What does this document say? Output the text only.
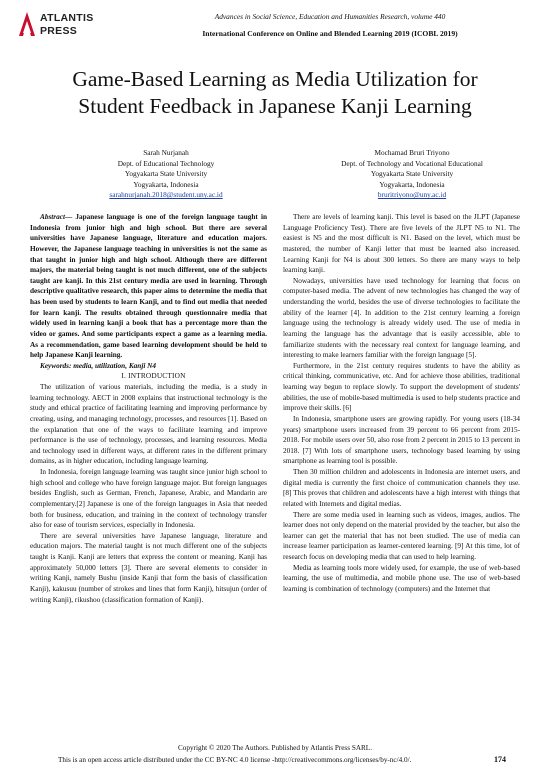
ATLANTIS
PRESS
Advances in Social Science, Education and Humanities Research, volume 440
International Conference on Online and Blended Learning 2019 (ICOBL 2019)
Game-Based Learning as Media Utilization for
Student Feedback in Japanese Kanji Learning
Sarah Nurjanah
Dept. of Educational Technology
Yogyakarta State University
Yogyakarta, Indonesia
sarahnurjanah.2018@student.uny.ac.id
Mochamad Bruri Triyono
Dept. of Technology and Vocational Educational
Yogyakarta State University
Yogyakarta, Indonesia
bruritriyono@uny.ac.id

Abstract— Japanese language is one of the foreign language taught in Indonesia from junior high and high school. But there are several universities have Japanese language, literature and education majors. However, the Japanese language teaching in universities is not the same as that taught in junior high and high school. Although there are different majors, the material being taught is not much different, one of the subjects taught are kanji. In this 21st century media are used in learning. Through descriptive qualitative research, this paper aims to determine the media that has been used by students to learn Kanji, and to find out media that needed for learn kanji. The results obtained through questionnaire media that widely used in learning kanji a book that has a percentage more than the video or games. And some participants expect a game as a learning media. As a recommendation, game based learning development should be held to help Japanese Kanji learning.

Keywords: media, utilization, Kanji N4

I. INTRODUCTION

The utilization of various materials, including the media, is a study in learning technology. AECT in 2008 explains that instructional technology is the study and ethical practice of facilitating learning and improving performance by creating, using, and managing technology, processes, and resources [1]. Based on the explanation that one of the ways to facilitate learning and improve performance is the use of technology, processes, and learning resources. Media and technology used in different ways, at different rates in the different primary domains, as in higher education, including language learning.

In Indonesia, foreign language learning was taught since junior high school to high school and college who have foreign language major. But foreign languages besides English, such as German, French, Japanese, Arabic, and Mandarin are complementary.[2] Japanese is one of the foreign languages in Asia that needed both for business, education, and training in the context of technology transfer also for ease of tourism services, especially in Indonesia.

There are several universities have Japanese language, literature and education majors. The material taught is not much different one of the subjects taught is Kanji. Kanji are letters that express the content or meaning. Kanji has approximately 50,000 letters [3]. There are several elements to consider in writing Kanji, namely Bushu (inside Kanji that form the basis of classification Kanji), kakusuu (number of strokes and lines that form Kanji), hitsujun (order of writing Kanji), rikushoo (classification formation of Kanji).

There are levels of learning kanji. This level is based on the JLPT (Japanese Language Proficiency Test). There are five levels of the JLPT N5 to N1. The easiest is N5 and the most difficult is N1. Based on the level, which must be mastered, the number of Kanji letter that must be learned also increased. Learning Kanji for N4 is about 300 letters. So there are many ways to help learning kanji.

Nowadays, universities have used technology for learning that focus on computer-based media. The advent of new technologies has changed the way of understanding the world, besides the use of diverse technologies to facilitate the ability of the learner [4]. In addition to the 21st century learning a foreign language using the technology is already widely used. The use of media in learning the language has the advantage that is easily accessible, able to familiarize students with the necessary real context for language learning, and interesting to make learners familiar with the foreign language [5].

Furthermore, in the 21st century requires students to have the ability as critical thinking, communicative, etc. And for achieve those abilities, traditional learning way begun to replace slowly. To support the development of students' abilities, the use of mobile-based multimedia is used to help students practice and improve their skills. [6]

In Indonesia, smartphone users are growing rapidly. For young users (18-34 years) smartphone users increased from 39 percent to 66 percent from 2015-2018. For mobile users over 50, also rose from 2 percent in 2015 to 13 percent in 2018. [7] With lots of smartphone users, technology based learning by using smartphone as learning tool is possible.

Then 30 million children and adolescents in Indonesia are internet users, and digital media is currently the first choice of communication channels they use. [8] This proves that children and adolescents have a high interest with things that related with Internets and digital medias.

There are some media used in learning such as videos, images, audios. The learner does not only depend on the material provided by the teacher, but also the learner can get the material that has not been studied. The use of media can increase learner participation as learner-centered learning. [9] At this time, lot of research focus on developing media that can used to help learning.

Media as learning tools more widely used, for example, the use of web-based learning, the use of multimedia, and mobile phone use. The use of web-based learning is combination of technology (computers) and the Internet that

Copyright © 2020 The Authors. Published by Atlantis Press SARL.
This is an open access article distributed under the CC BY-NC 4.0 license -http://creativecommons.org/licenses/by-nc/4.0/.	174
